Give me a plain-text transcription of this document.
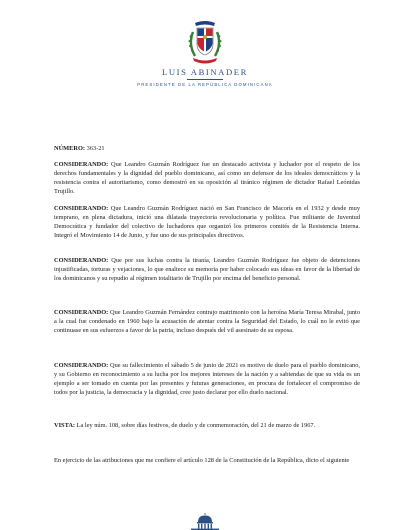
LUIS ABINADER
PRESIDENTE DE LA REPÚBLICA DOMINICANA
NÚMERO: 363-21
CONSIDERANDO: Que Leandro Guzmán Rodríguez fue un destacado activista y luchador por el respeto de los derechos fundamentales y la dignidad del pueblo dominicano, así como un defensor de los ideales democráticos y la resistencia contra el autoritarismo, como demostró en su oposición al tiránico régimen de dictador Rafael Leónidas Trujillo.
CONSIDERANDO: Que Leandro Guzmán Rodríguez nació en San Francisco de Macorís en el 1932 y desde muy temprano, en plena dictadura, inició una dilatada trayectoria revolucionaria y política. Fue militante de Juventud Democrática y fundador del colectivo de luchadores que organizó los primeros comités de la Resistencia Interna. Integró el Movimiento 14 de Junio, y fue uno de sus principales directivos.
CONSIDERANDO: Que por sus luchas contra la tiranía, Leandro Guzmán Rodríguez fue objeto de detenciones injustificadas, torturas y vejaciones, lo que enaltece su memoria por haber colocado sus ideas en favor de la libertad de los dominicanos y su repudio al régimen totalitario de Trujillo por encima del beneficio personal.
CONSIDERANDO: Que Leandro Guzmán Fernández contrajo matrimonio con la heroína María Teresa Mirabal, junto a la cual fue condenado en 1960 bajo la acusación de atentar contra la Seguridad del Estado, lo cuál no le evitó que continuase en sus esfuerzos a favor de la patria, incluso después del vil asesinato de su esposa.
CONSIDERANDO: Que su fallecimiento el sábado 5 de junio de 2021 es motivo de duelo para el pueblo dominicano, y su Gobierno en reconocimiento a su lucha por los mejores intereses de la nación y a sabiendas de que su vida es un ejemplo a ser tomado en cuenta por las presentes y futuras generaciones, en procura de fortalecer el compromiso de todos por la justicia, la democracia y la dignidad, cree justo declarar por ello duelo nacional.
VISTA: La ley núm. 108, sobre días festivos, de duelo y de conmemoración, del 21 de marzo de 1967.
En ejercicio de las atribuciones que me confiere el artículo 128 de la Constitución de la República, dicto el siguiente
